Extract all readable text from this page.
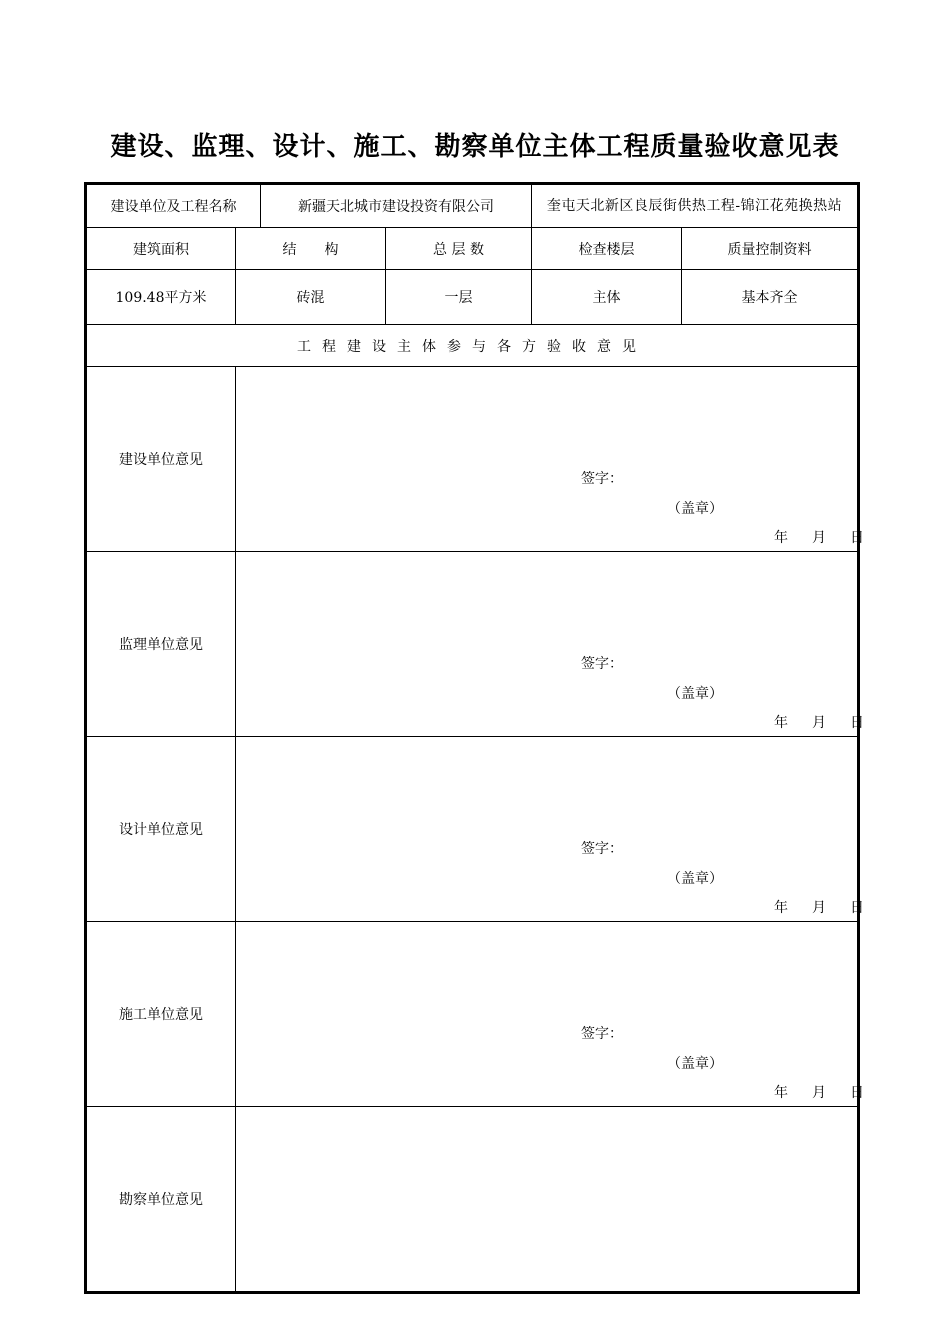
建设、监理、设计、施工、勘察单位主体工程质量验收意见表
建设单位及工程名称		新疆天北城市建设投资有限公司		奎屯天北新区良辰街供热工程-锦江花苑换热站	
建筑面积	结　　构		总 层 数	检查楼层	质量控制资料
109.48平方米	砖混		一层	主体	基本齐全
工程建设主体参与各方验收意见					
建设单位意见	签字：
（盖章）
年 月 日				

监理单位意见	签字：
（盖章）
年 月 日				

设计单位意见	签字：
（盖章）
年 月 日				

施工单位意见	签字：
（盖章）
年 月 日				

勘察单位意见					
